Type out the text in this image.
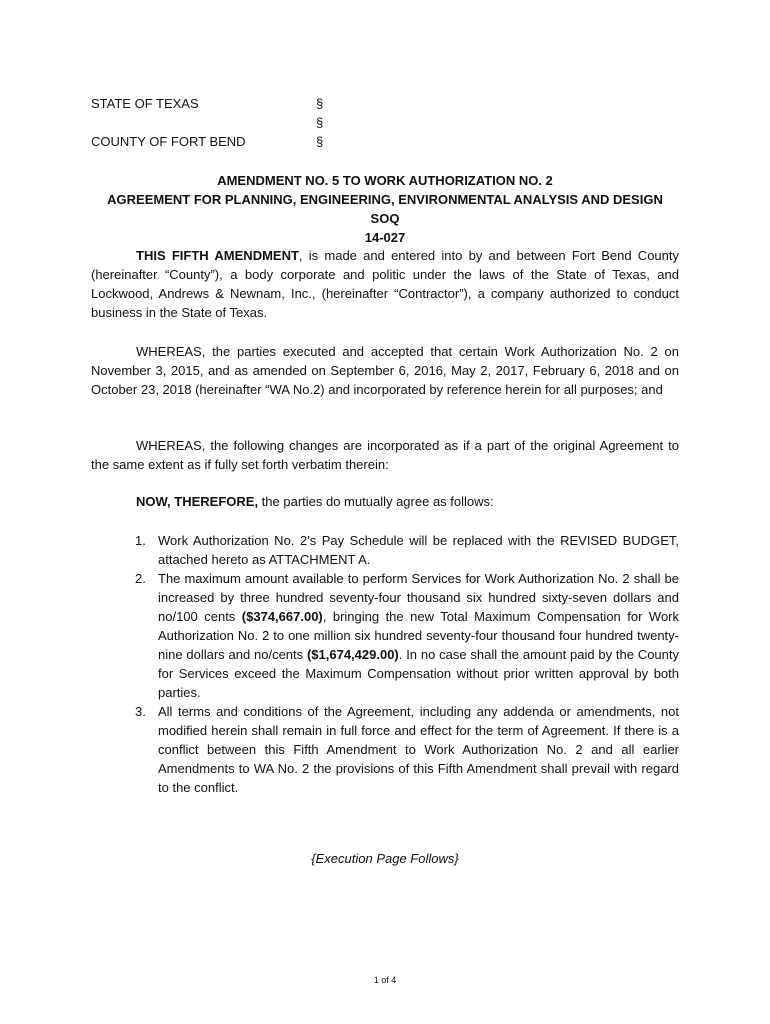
STATE OF TEXAS	§
§
COUNTY OF FORT BEND	§
AMENDMENT NO. 5 TO WORK AUTHORIZATION NO. 2
AGREEMENT FOR PLANNING, ENGINEERING, ENVIRONMENTAL ANALYSIS AND DESIGN SOQ
14-027

THIS FIFTH AMENDMENT, is made and entered into by and between Fort Bend County (hereinafter “County”), a body corporate and politic under the laws of the State of Texas, and Lockwood, Andrews & Newnam, Inc., (hereinafter “Contractor”), a company authorized to conduct business in the State of Texas.

WHEREAS, the parties executed and accepted that certain Work Authorization No. 2 on November 3, 2015, and as amended on September 6, 2016, May 2, 2017, February 6, 2018 and on October 23, 2018 (hereinafter “WA No.2) and incorporated by reference herein for all purposes; and

WHEREAS, the following changes are incorporated as if a part of the original Agreement to the same extent as if fully set forth verbatim therein:

NOW, THEREFORE, the parties do mutually agree as follows:

1. Work Authorization No. 2’s Pay Schedule will be replaced with the REVISED BUDGET, attached hereto as ATTACHMENT A.
2. The maximum amount available to perform Services for Work Authorization No. 2 shall be increased by three hundred seventy-four thousand six hundred sixty-seven dollars and no/100 cents ($374,667.00), bringing the new Total Maximum Compensation for Work Authorization No. 2 to one million six hundred seventy-four thousand four hundred twenty-nine dollars and no/cents ($1,674,429.00). In no case shall the amount paid by the County for Services exceed the Maximum Compensation without prior written approval by both parties.
3. All terms and conditions of the Agreement, including any addenda or amendments, not modified herein shall remain in full force and effect for the term of Agreement. If there is a conflict between this Fifth Amendment to Work Authorization No. 2 and all earlier Amendments to WA No. 2 the provisions of this Fifth Amendment shall prevail with regard to the conflict.
{Execution Page Follows}
1 of 4
